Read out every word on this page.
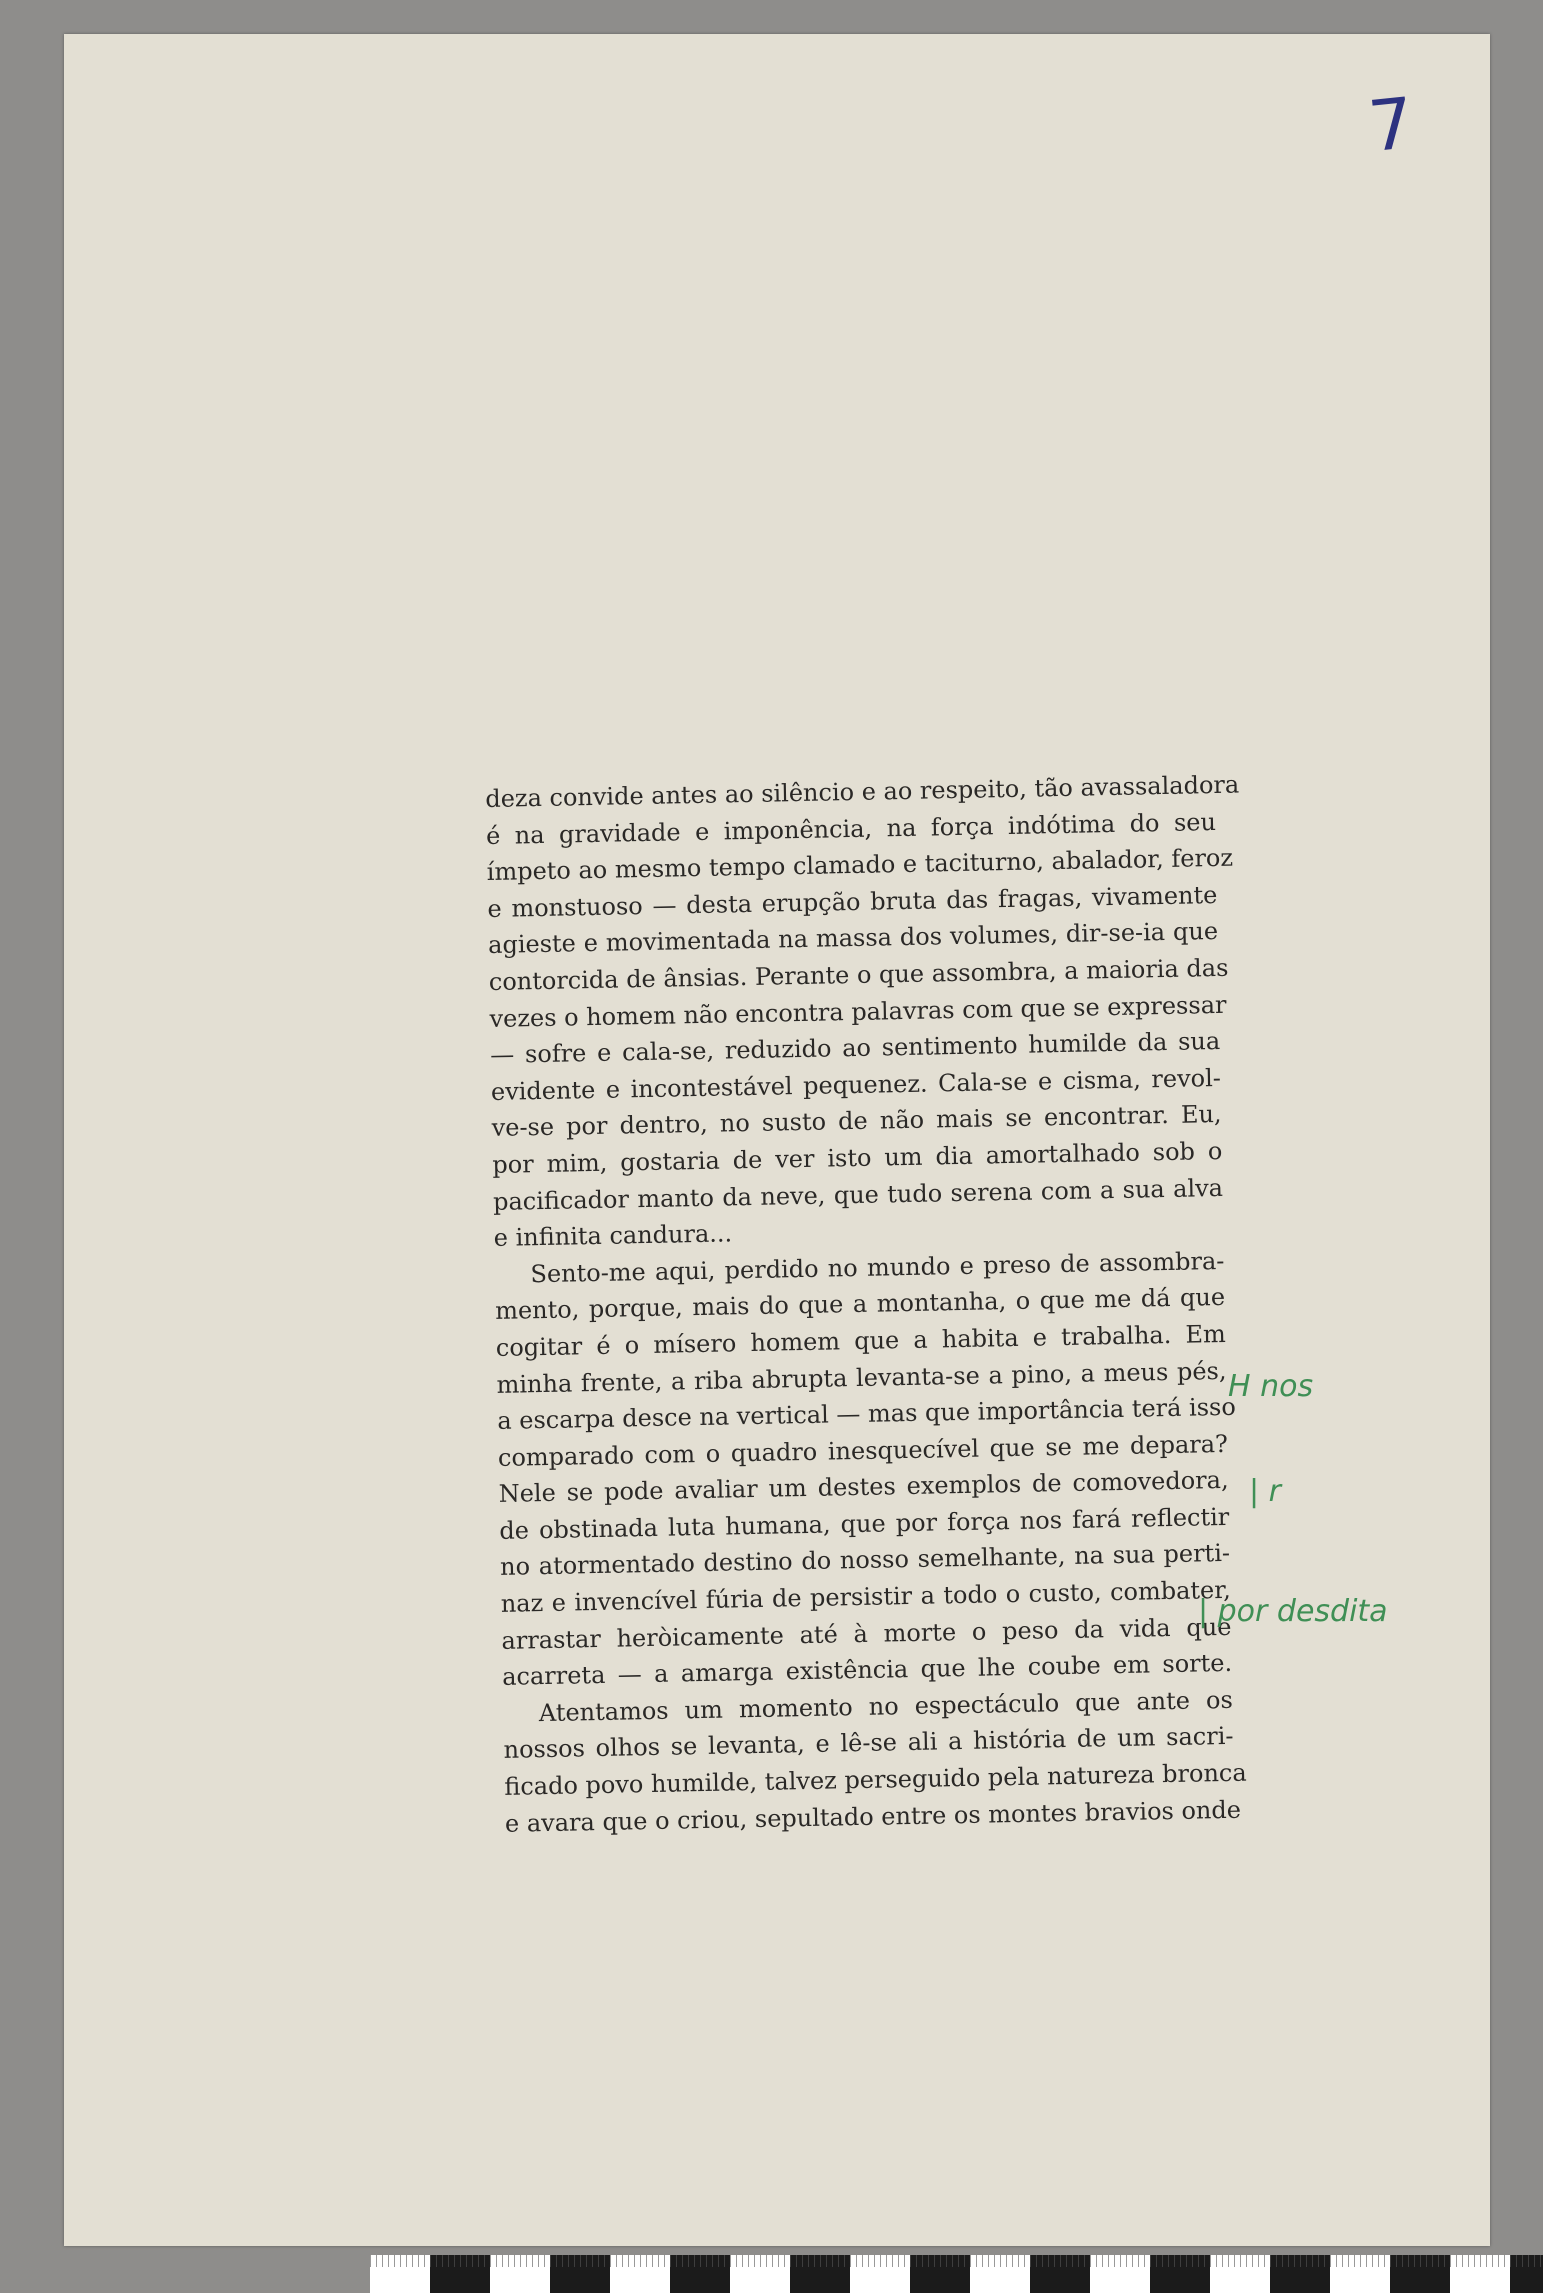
7

deza convide antes ao silêncio e ao respeito, tão avassaladora
é na gravidade e imponência, na força indótima do seu
ímpeto ao mesmo tempo clamado e taciturno, abalador, feroz
e monstuoso — desta erupção bruta das fragas, vivamente
agieste e movimentada na massa dos volumes, dir-se-ia que
contorcida de ânsias. Perante o que assombra, a maioria das
vezes o homem não encontra palavras com que se expressar
— sofre e cala-se, reduzido ao sentimento humilde da sua
evidente e incontestável pequenez. Cala-se e cisma, revol-
ve-se por dentro, no susto de não mais se encontrar. Eu,
por mim, gostaria de ver isto um dia amortalhado sob o
pacificador manto da neve, que tudo serena com a sua alva
e infinita candura...

Sento-me aqui, perdido no mundo e preso de assombra-
mento, porque, mais do que a montanha, o que me dá que
cogitar é o mísero homem que a habita e trabalha. Em
minha frente, a riba abrupta levanta-se a pino, a meus pés,
a escarpa desce na vertical — mas que importância terá isso
comparado com o quadro inesquecível que se me depara?
Nele se pode avaliar um destes exemplos de comovedora,
de obstinada luta humana, que por força nos fará reflectir
no atormentado destino do nosso semelhante, na sua perti-
naz e invencível fúria de persistir a todo o custo, combater,
arrastar heròicamente até à morte o peso da vida que
acarreta — a amarga existência que lhe coube em sorte.

Atentamos um momento no espectáculo que ante os
nossos olhos se levanta, e lê-se ali a história de um sacri-
ficado povo humilde, talvez perseguido pela natureza bronca
e avara que o criou, sepultado entre os montes bravios onde

H nos

| r

| por desdita
